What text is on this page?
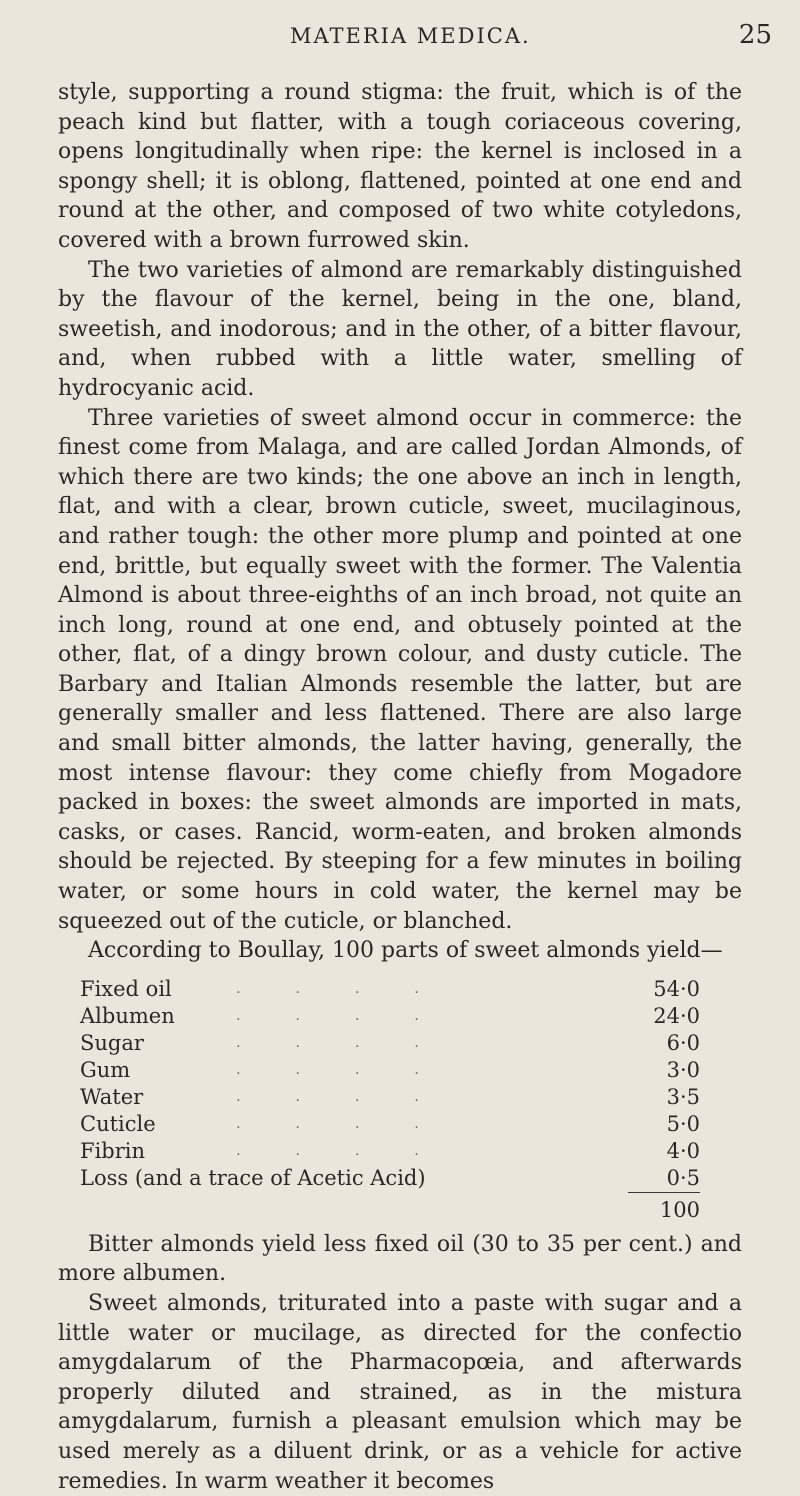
MATERIA MEDICA.	25

style, supporting a round stigma: the fruit, which is of the peach kind but flatter, with a tough coriaceous covering, opens longitudinally when ripe: the kernel is inclosed in a spongy shell; it is oblong, flattened, pointed at one end and round at the other, and composed of two white cotyledons, covered with a brown furrowed skin.

The two varieties of almond are remarkably distinguished by the flavour of the kernel, being in the one, bland, sweetish, and inodorous; and in the other, of a bitter flavour, and, when rubbed with a little water, smelling of hydrocyanic acid.

Three varieties of sweet almond occur in commerce: the finest come from Malaga, and are called Jordan Almonds, of which there are two kinds; the one above an inch in length, flat, and with a clear, brown cuticle, sweet, mucilaginous, and rather tough: the other more plump and pointed at one end, brittle, but equally sweet with the former. The Valentia Almond is about three-eighths of an inch broad, not quite an inch long, round at one end, and obtusely pointed at the other, flat, of a dingy brown colour, and dusty cuticle. The Barbary and Italian Almonds resemble the latter, but are generally smaller and less flattened. There are also large and small bitter almonds, the latter having, generally, the most intense flavour: they come chiefly from Mogadore packed in boxes: the sweet almonds are imported in mats, casks, or cases. Rancid, worm-eaten, and broken almonds should be rejected. By steeping for a few minutes in boiling water, or some hours in cold water, the kernel may be squeezed out of the cuticle, or blanched.

According to Boullay, 100 parts of sweet almonds yield—

Fixed oil	....	54·0
Albumen	....	24·0
Sugar	....	6·0
Gum	....	3·0
Water	....	3·5
Cuticle	....	5·0
Fibrin	....	4·0
Loss (and a trace of Acetic Acid)		0·5
		100

Bitter almonds yield less fixed oil (30 to 35 per cent.) and more albumen.

Sweet almonds, triturated into a paste with sugar and a little water or mucilage, as directed for the confectio amygdalarum of the Pharmacopœia, and afterwards properly diluted and strained, as in the mistura amygdalarum, furnish a pleasant emulsion which may be used merely as a diluent drink, or as a vehicle for active remedies. In warm weather it becomes
